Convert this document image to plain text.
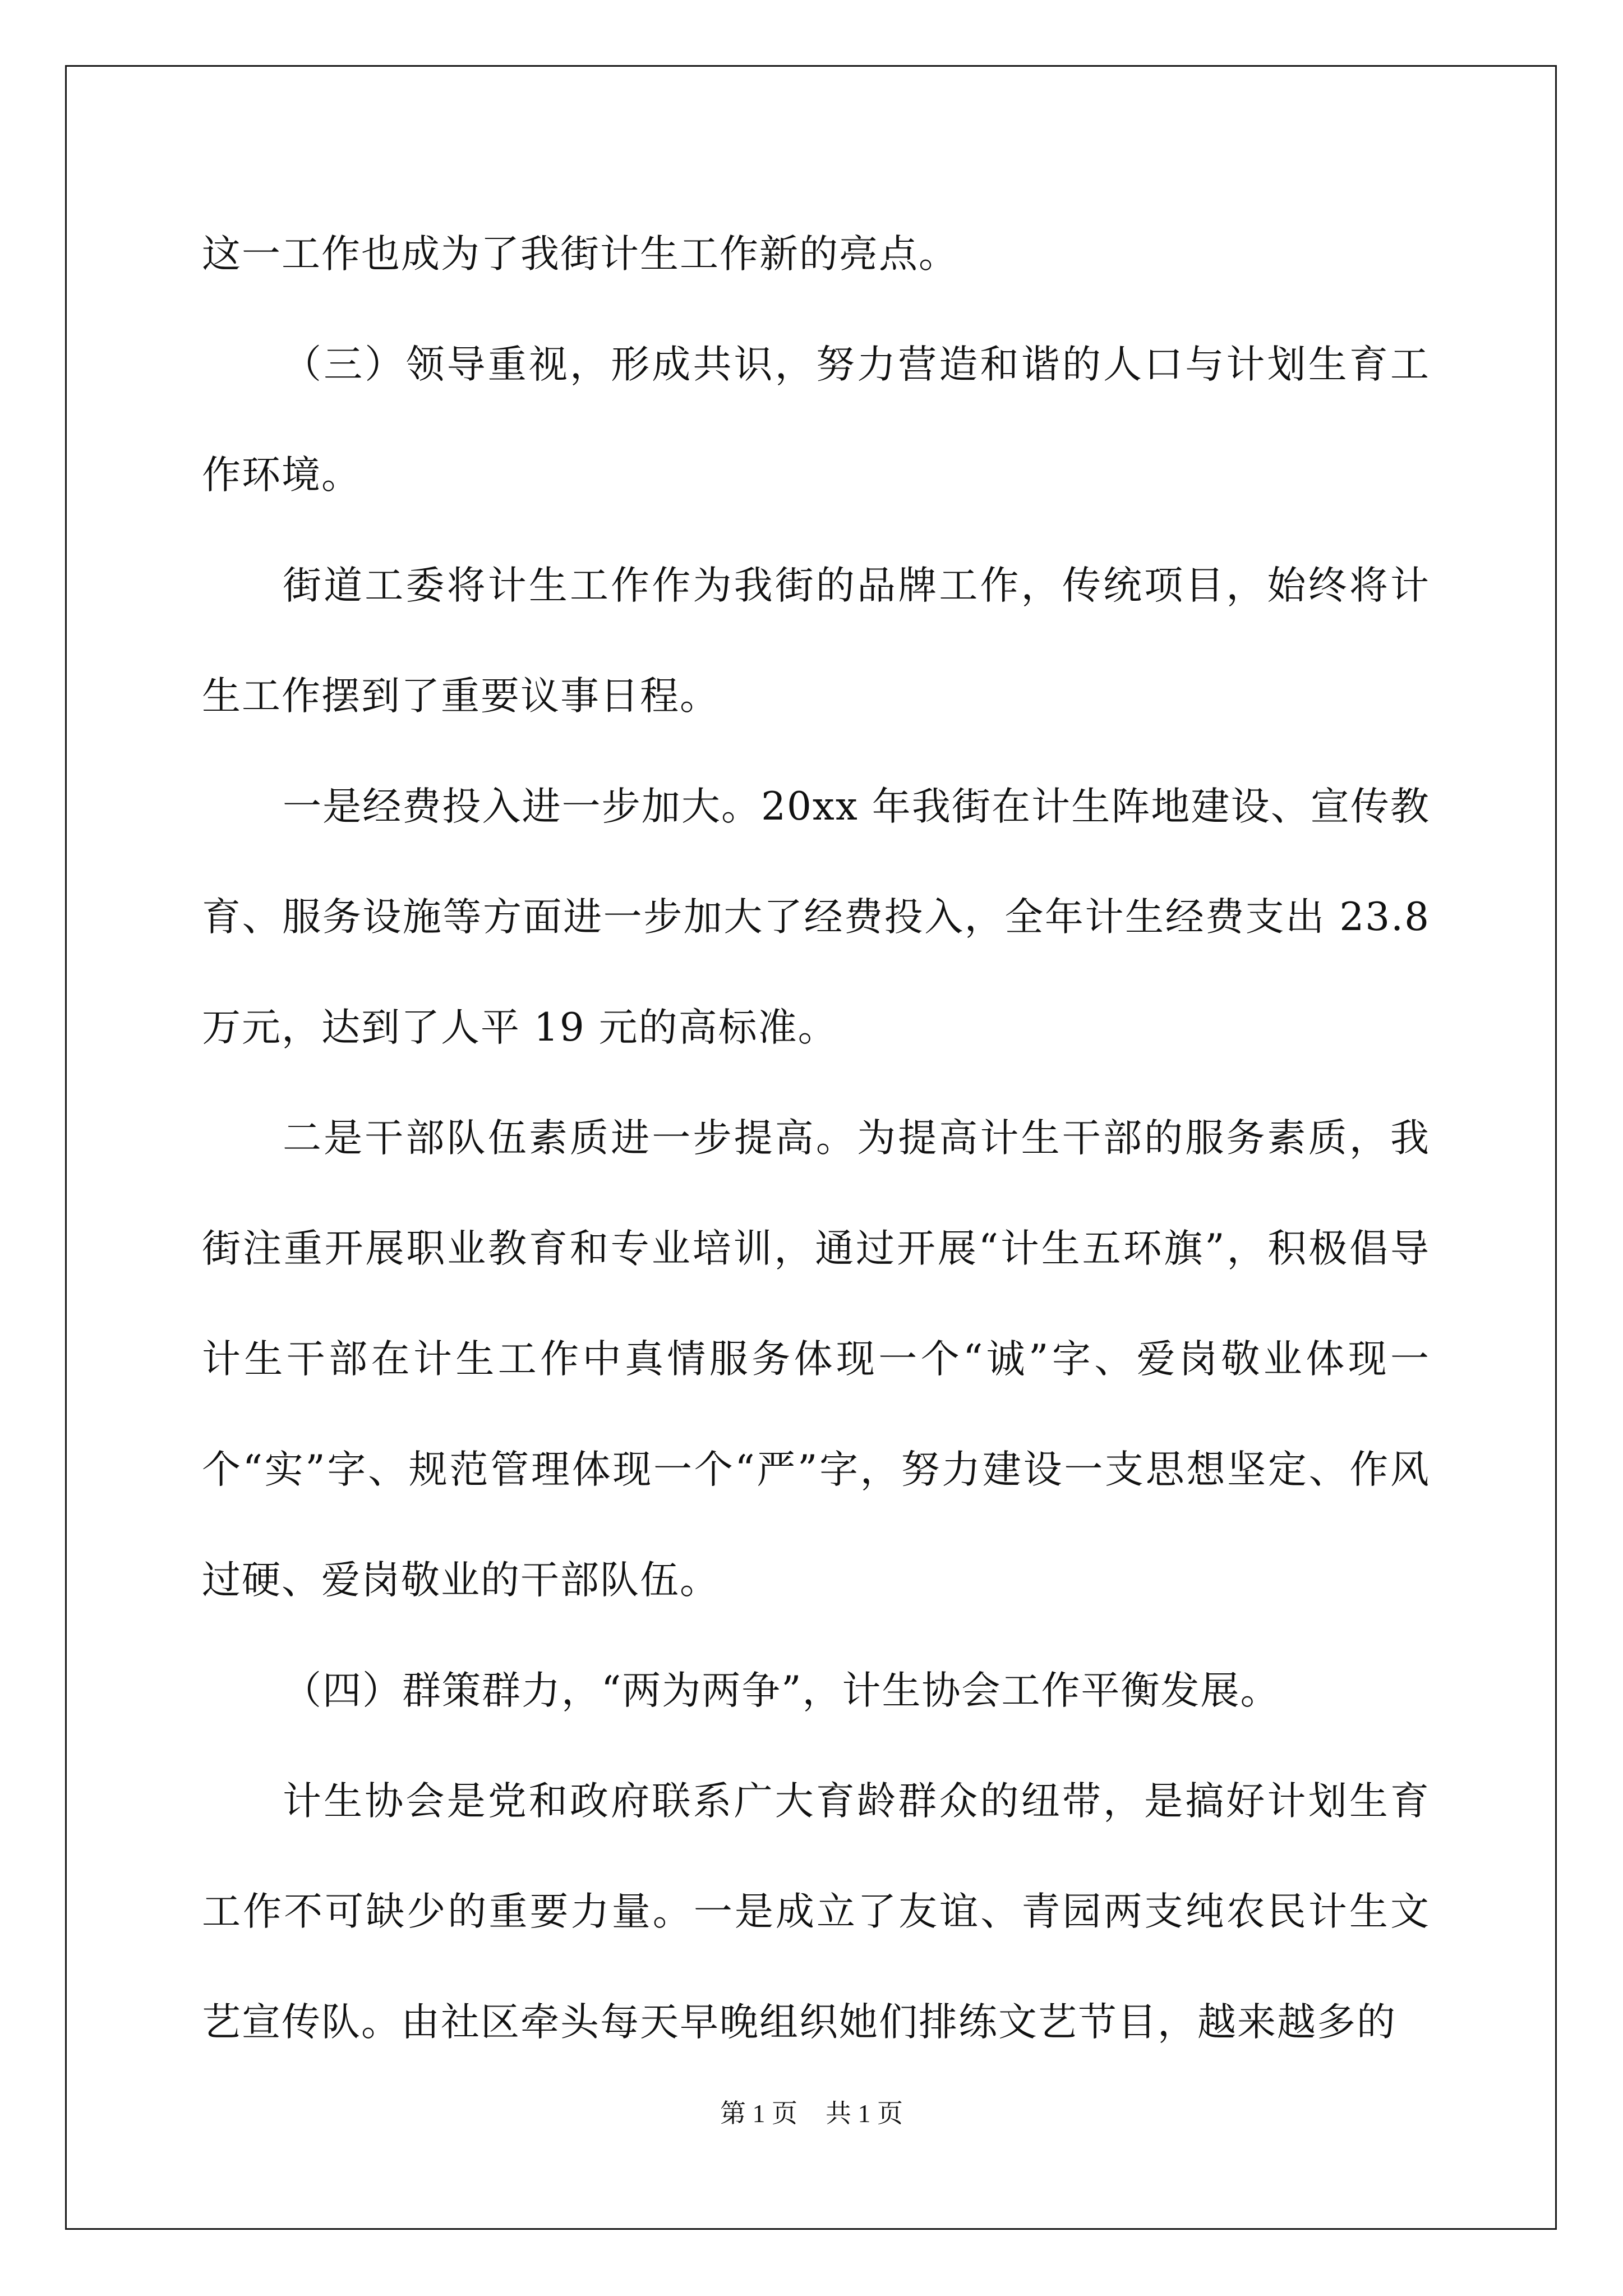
这一工作也成为了我街计生工作新的亮点。

（三）领导重视，形成共识，努力营造和谐的人口与计划生育工作环境。

街道工委将计生工作作为我街的品牌工作，传统项目，始终将计生工作摆到了重要议事日程。

一是经费投入进一步加大。20xx 年我街在计生阵地建设、宣传教育、服务设施等方面进一步加大了经费投入，全年计生经费支出 23.8 万元，达到了人平 19 元的高标准。

二是干部队伍素质进一步提高。为提高计生干部的服务素质，我街注重开展职业教育和专业培训，通过开展“计生五环旗”，积极倡导计生干部在计生工作中真情服务体现一个“诚”字、爱岗敬业体现一个“实”字、规范管理体现一个“严”字，努力建设一支思想坚定、作风过硬、爱岗敬业的干部队伍。

（四）群策群力，“两为两争”，计生协会工作平衡发展。

计生协会是党和政府联系广大育龄群众的纽带，是搞好计划生育工作不可缺少的重要力量。一是成立了友谊、青园两支纯农民计生文艺宣传队。由社区牵头每天早晚组织她们排练文艺节目，越来越多的

第 1 页 共 1 页
